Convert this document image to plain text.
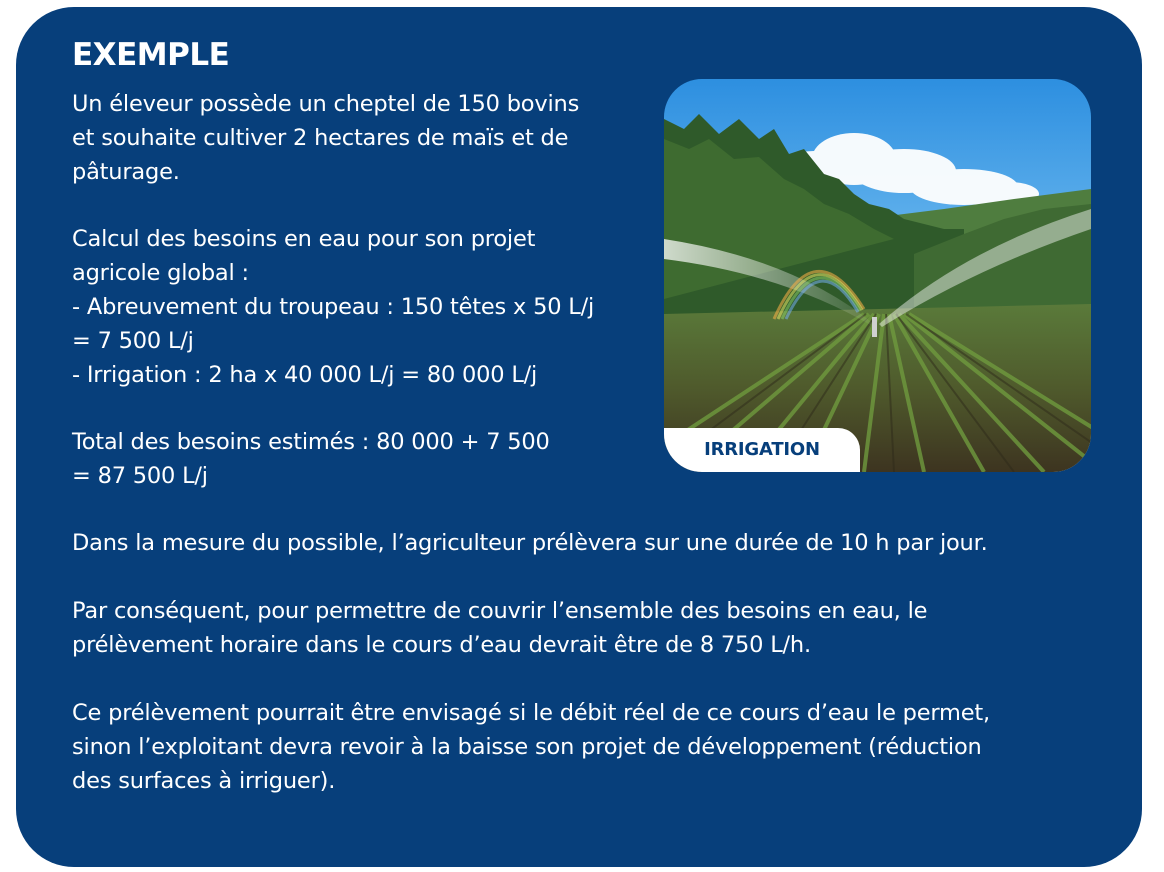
EXEMPLE

Un éleveur possède un cheptel de 150 bovins

et souhaite cultiver 2 hectares de maïs et de

pâturage.

Calcul des besoins en eau pour son projet

agricole global :

- Abreuvement du troupeau : 150 têtes x 50 L/j

= 7 500 L/j

- Irrigation : 2 ha x 40 000 L/j = 80 000 L/j

Total des besoins estimés : 80 000 + 7 500

= 87 500 L/j

Dans la mesure du possible, l’agriculteur prélèvera sur une durée de 10 h par jour.

Par conséquent, pour permettre de couvrir l’ensemble des besoins en eau, le

prélèvement horaire dans le cours d’eau devrait être de 8 750 L/h.

Ce prélèvement pourrait être envisagé si le débit réel de ce cours d’eau le permet,

sinon l’exploitant devra revoir à la baisse son projet de développement (réduction

des surfaces à irriguer).

IRRIGATION
